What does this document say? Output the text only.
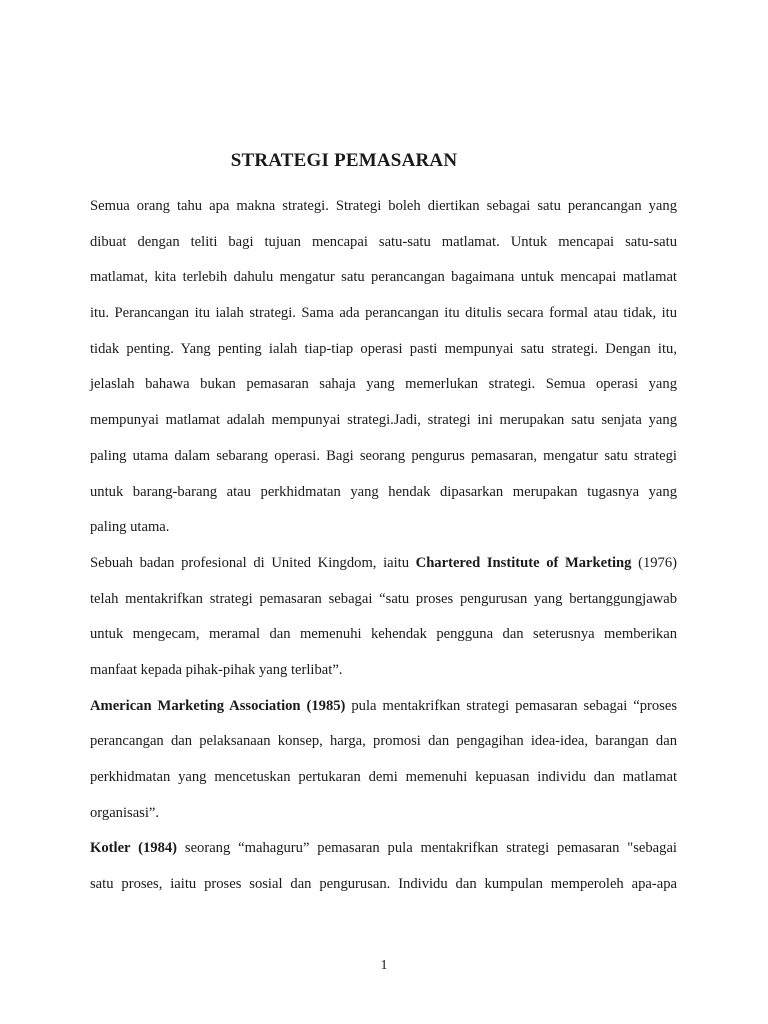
STRATEGI PEMASARAN
Semua orang tahu apa makna strategi. Strategi boleh diertikan sebagai satu perancangan yang
dibuat dengan teliti bagi tujuan mencapai satu-satu matlamat. Untuk mencapai satu-satu
matlamat, kita terlebih dahulu mengatur satu perancangan bagaimana untuk mencapai matlamat
itu. Perancangan itu ialah strategi. Sama ada perancangan itu ditulis secara formal atau tidak, itu
tidak penting. Yang penting ialah tiap-tiap operasi pasti mempunyai satu strategi. Dengan itu,
jelaslah bahawa bukan pemasaran sahaja yang memerlukan strategi. Semua operasi yang
mempunyai matlamat adalah mempunyai strategi.Jadi, strategi ini merupakan satu senjata yang
paling utama dalam sebarang operasi. Bagi seorang pengurus pemasaran, mengatur satu strategi
untuk barang-barang atau perkhidmatan yang hendak dipasarkan merupakan tugasnya yang
paling utama.
Sebuah badan profesional di United Kingdom, iaitu Chartered Institute of Marketing (1976)
telah mentakrifkan strategi pemasaran sebagai “satu proses pengurusan yang bertanggungjawab
untuk mengecam, meramal dan memenuhi kehendak pengguna dan seterusnya memberikan
manfaat kepada pihak-pihak yang terlibat”.
American Marketing Association (1985) pula mentakrifkan strategi pemasaran sebagai “proses
perancangan dan pelaksanaan konsep, harga, promosi dan pengagihan idea-idea, barangan dan
perkhidmatan yang mencetuskan pertukaran demi memenuhi kepuasan individu dan matlamat
organisasi”.
Kotler (1984) seorang “mahaguru” pemasaran pula mentakrifkan strategi pemasaran "sebagai
satu proses, iaitu proses sosial dan pengurusan. Individu dan kumpulan memperoleh apa-apa
1
